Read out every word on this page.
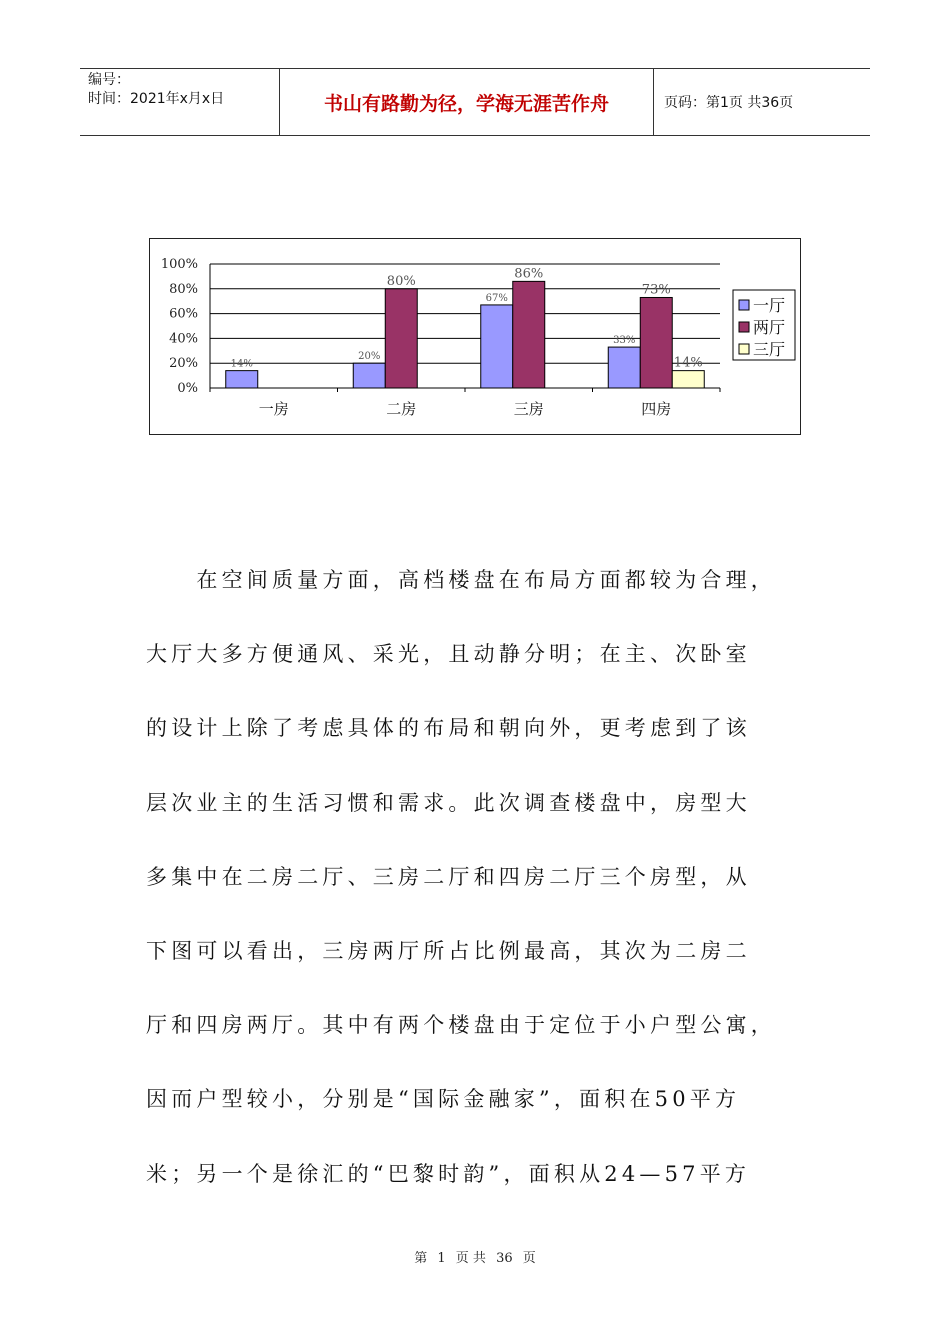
编号：
时间：2021年x月x日	书山有路勤为径，学海无涯苦作舟	页码：第1页 共36页
0%
20%
40%
60%
80%
100%
14%
一房
20%
80%
二房
67%
86%
三房
33%
73%
14%
四房
一厅
两厅
三厅
　　在空间质量方面，高档楼盘在布局方面都较为合理，
大厅大多方便通风、采光，且动静分明；在主、次卧室
的设计上除了考虑具体的布局和朝向外，更考虑到了该
层次业主的生活习惯和需求。此次调查楼盘中，房型大
多集中在二房二厅、三房二厅和四房二厅三个房型，从
下图可以看出，三房两厅所占比例最高，其次为二房二
厅和四房两厅。其中有两个楼盘由于定位于小户型公寓，
因而户型较小，分别是“国际金融家”，面积在50平方
米；另一个是徐汇的“巴黎时韵”，面积从24—57平方
第 1 页 共 36 页
